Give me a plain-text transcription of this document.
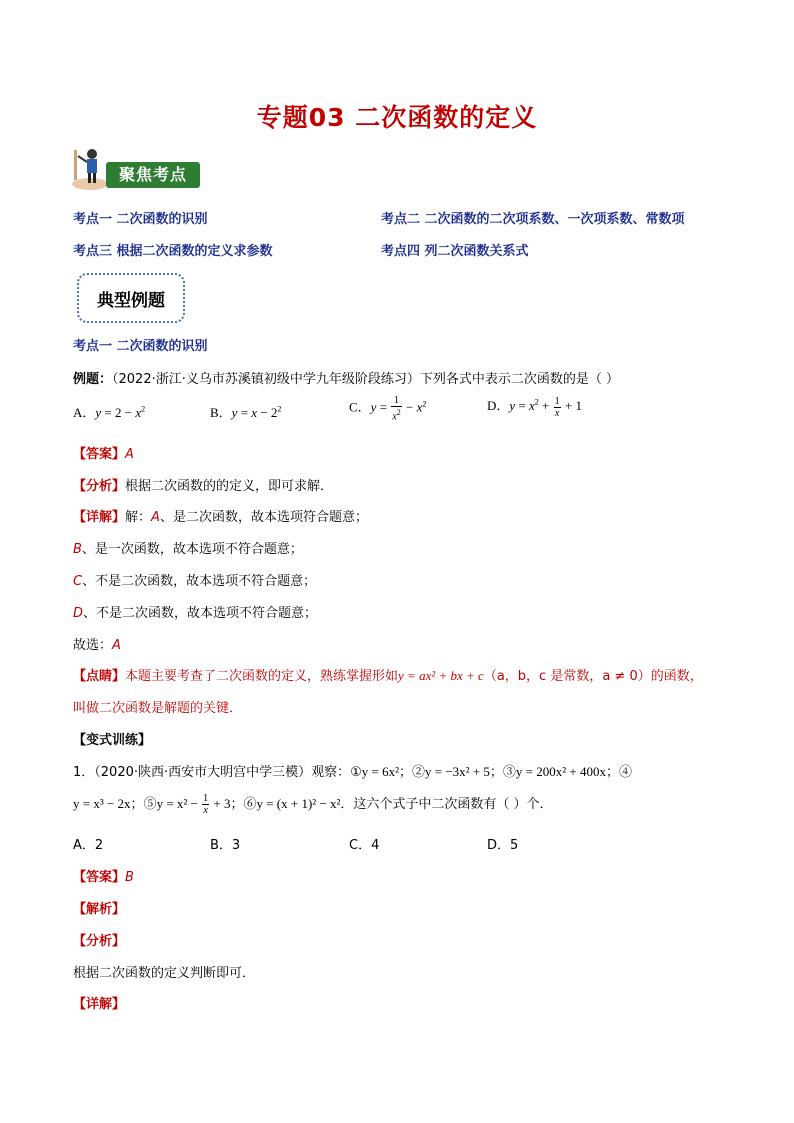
专题03 二次函数的定义
聚焦考点
考点一 二次函数的识别	考点二 二次函数的二次项系数、一次项系数、常数项
考点三 根据二次函数的定义求参数	考点四 列二次函数关系式
典型例题
考点一 二次函数的识别
例题：（2022·浙江·义乌市苏溪镇初级中学九年级阶段练习）下列各式中表示二次函数的是（ ）
A．$y = 2 - x^2$	B．$y = x - 2^2$	C．$y = \frac{1}{x^2} - x^2$	D．$y = x^2 + \frac{1}{x} + 1$
【答案】A
【分析】根据二次函数的的定义，即可求解．
【详解】解：A、是二次函数，故本选项符合题意；
B、是一次函数，故本选项不符合题意；
C、不是二次函数，故本选项不符合题意；
D、不是二次函数，故本选项不符合题意；
故选：A
【点睛】本题主要考查了二次函数的定义，熟练掌握形如y = ax² + bx + c（a，b，c 是常数，a ≠ 0）的函数，
叫做二次函数是解题的关键．
【变式训练】
1．（2020·陕西·西安市大明宫中学三模）观察：①y = 6x²；②y = −3x² + 5；③y = 200x² + 400x；④
y = x³ − 2x；⑤y = $x^2 - \frac{1}{x} + 3$；⑥y = (x + 1)² − x²．这六个式子中二次函数有（ ）个．
A．2	B．3	C．4	D．5
【答案】B
【解析】
【分析】
根据二次函数的定义判断即可．
【详解】
